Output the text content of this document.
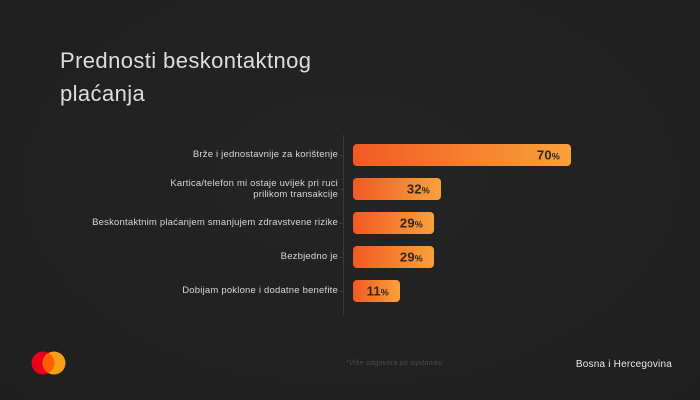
Prednosti beskontaktnog
plaćanja
Brže i jednostavnije za korištenje	70%
Kartica/telefon mi ostaje uvijek pri ruci
prilikom transakcije	32%
Beskontaktnim plaćanjem smanjujem zdravstvene rizike	29%
Bezbjedno je	29%
Dobijam poklone i dodatne benefite 11%
*Više odgovora po ispitaniku	Bosna i Hercegovina
